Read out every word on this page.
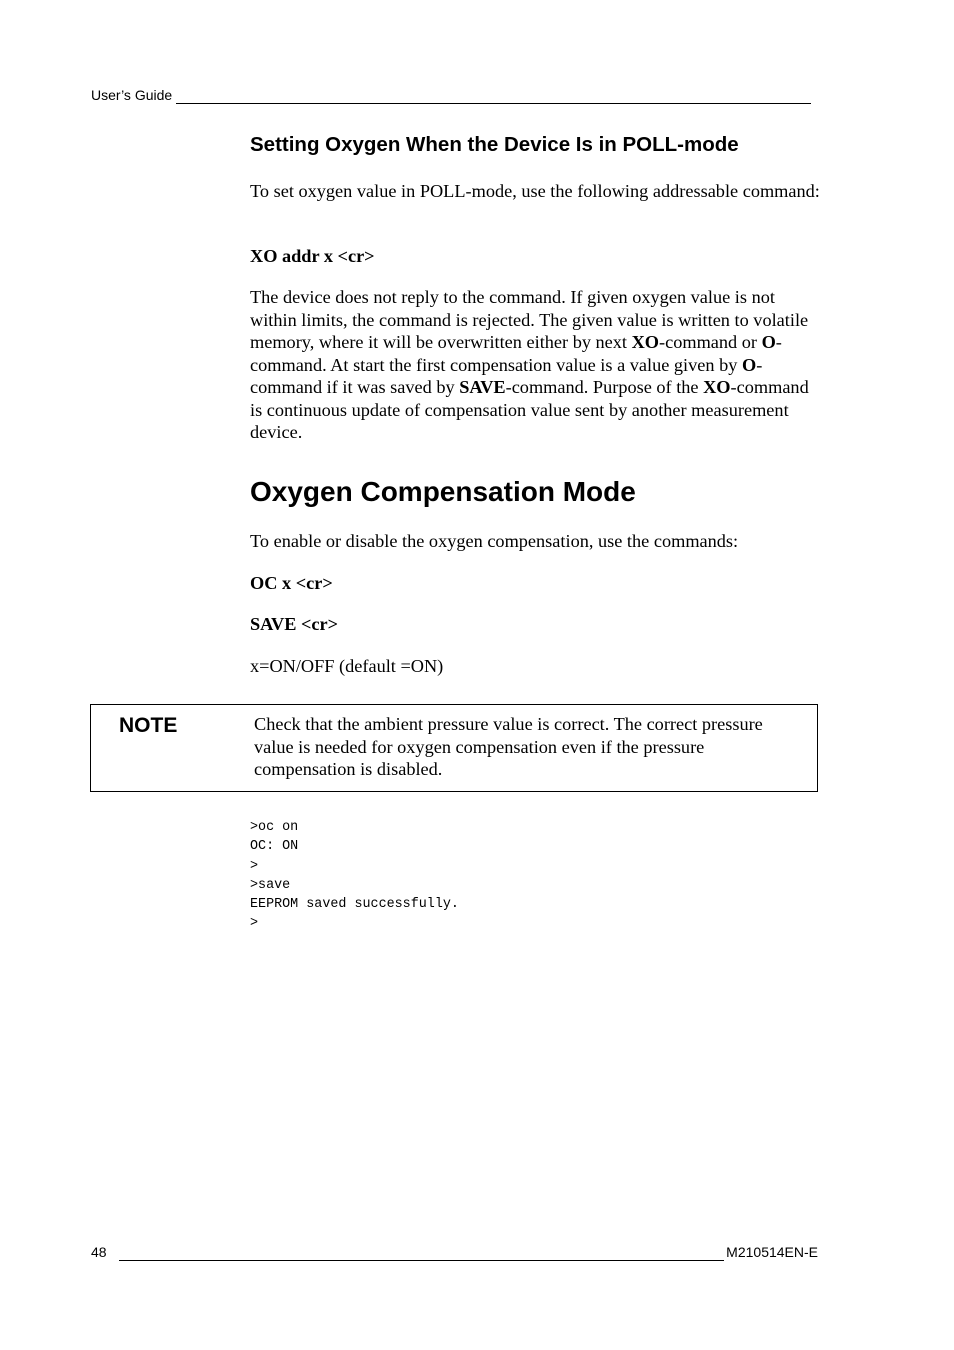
User’s Guide
Setting Oxygen When the Device Is in POLL-mode

To set oxygen value in POLL-mode, use the following addressable command:

XO addr x <cr>

The device does not reply to the command. If given oxygen value is not within limits, the command is rejected. The given value is written to volatile memory, where it will be overwritten either by next XO-command or O-command. At start the first compensation value is a value given by O-command if it was saved by SAVE-command. Purpose of the XO-command is continuous update of compensation value sent by another measurement device.

Oxygen Compensation Mode

To enable or disable the oxygen compensation, use the commands:

OC x <cr>

SAVE <cr>

x=ON/OFF (default =ON)

NOTE	Check that the ambient pressure value is correct. The correct pressure value is needed for oxygen compensation even if the pressure compensation is disabled.
>oc on
OC: ON
>
>save
EEPROM saved successfully.
>
48	M210514EN-E
